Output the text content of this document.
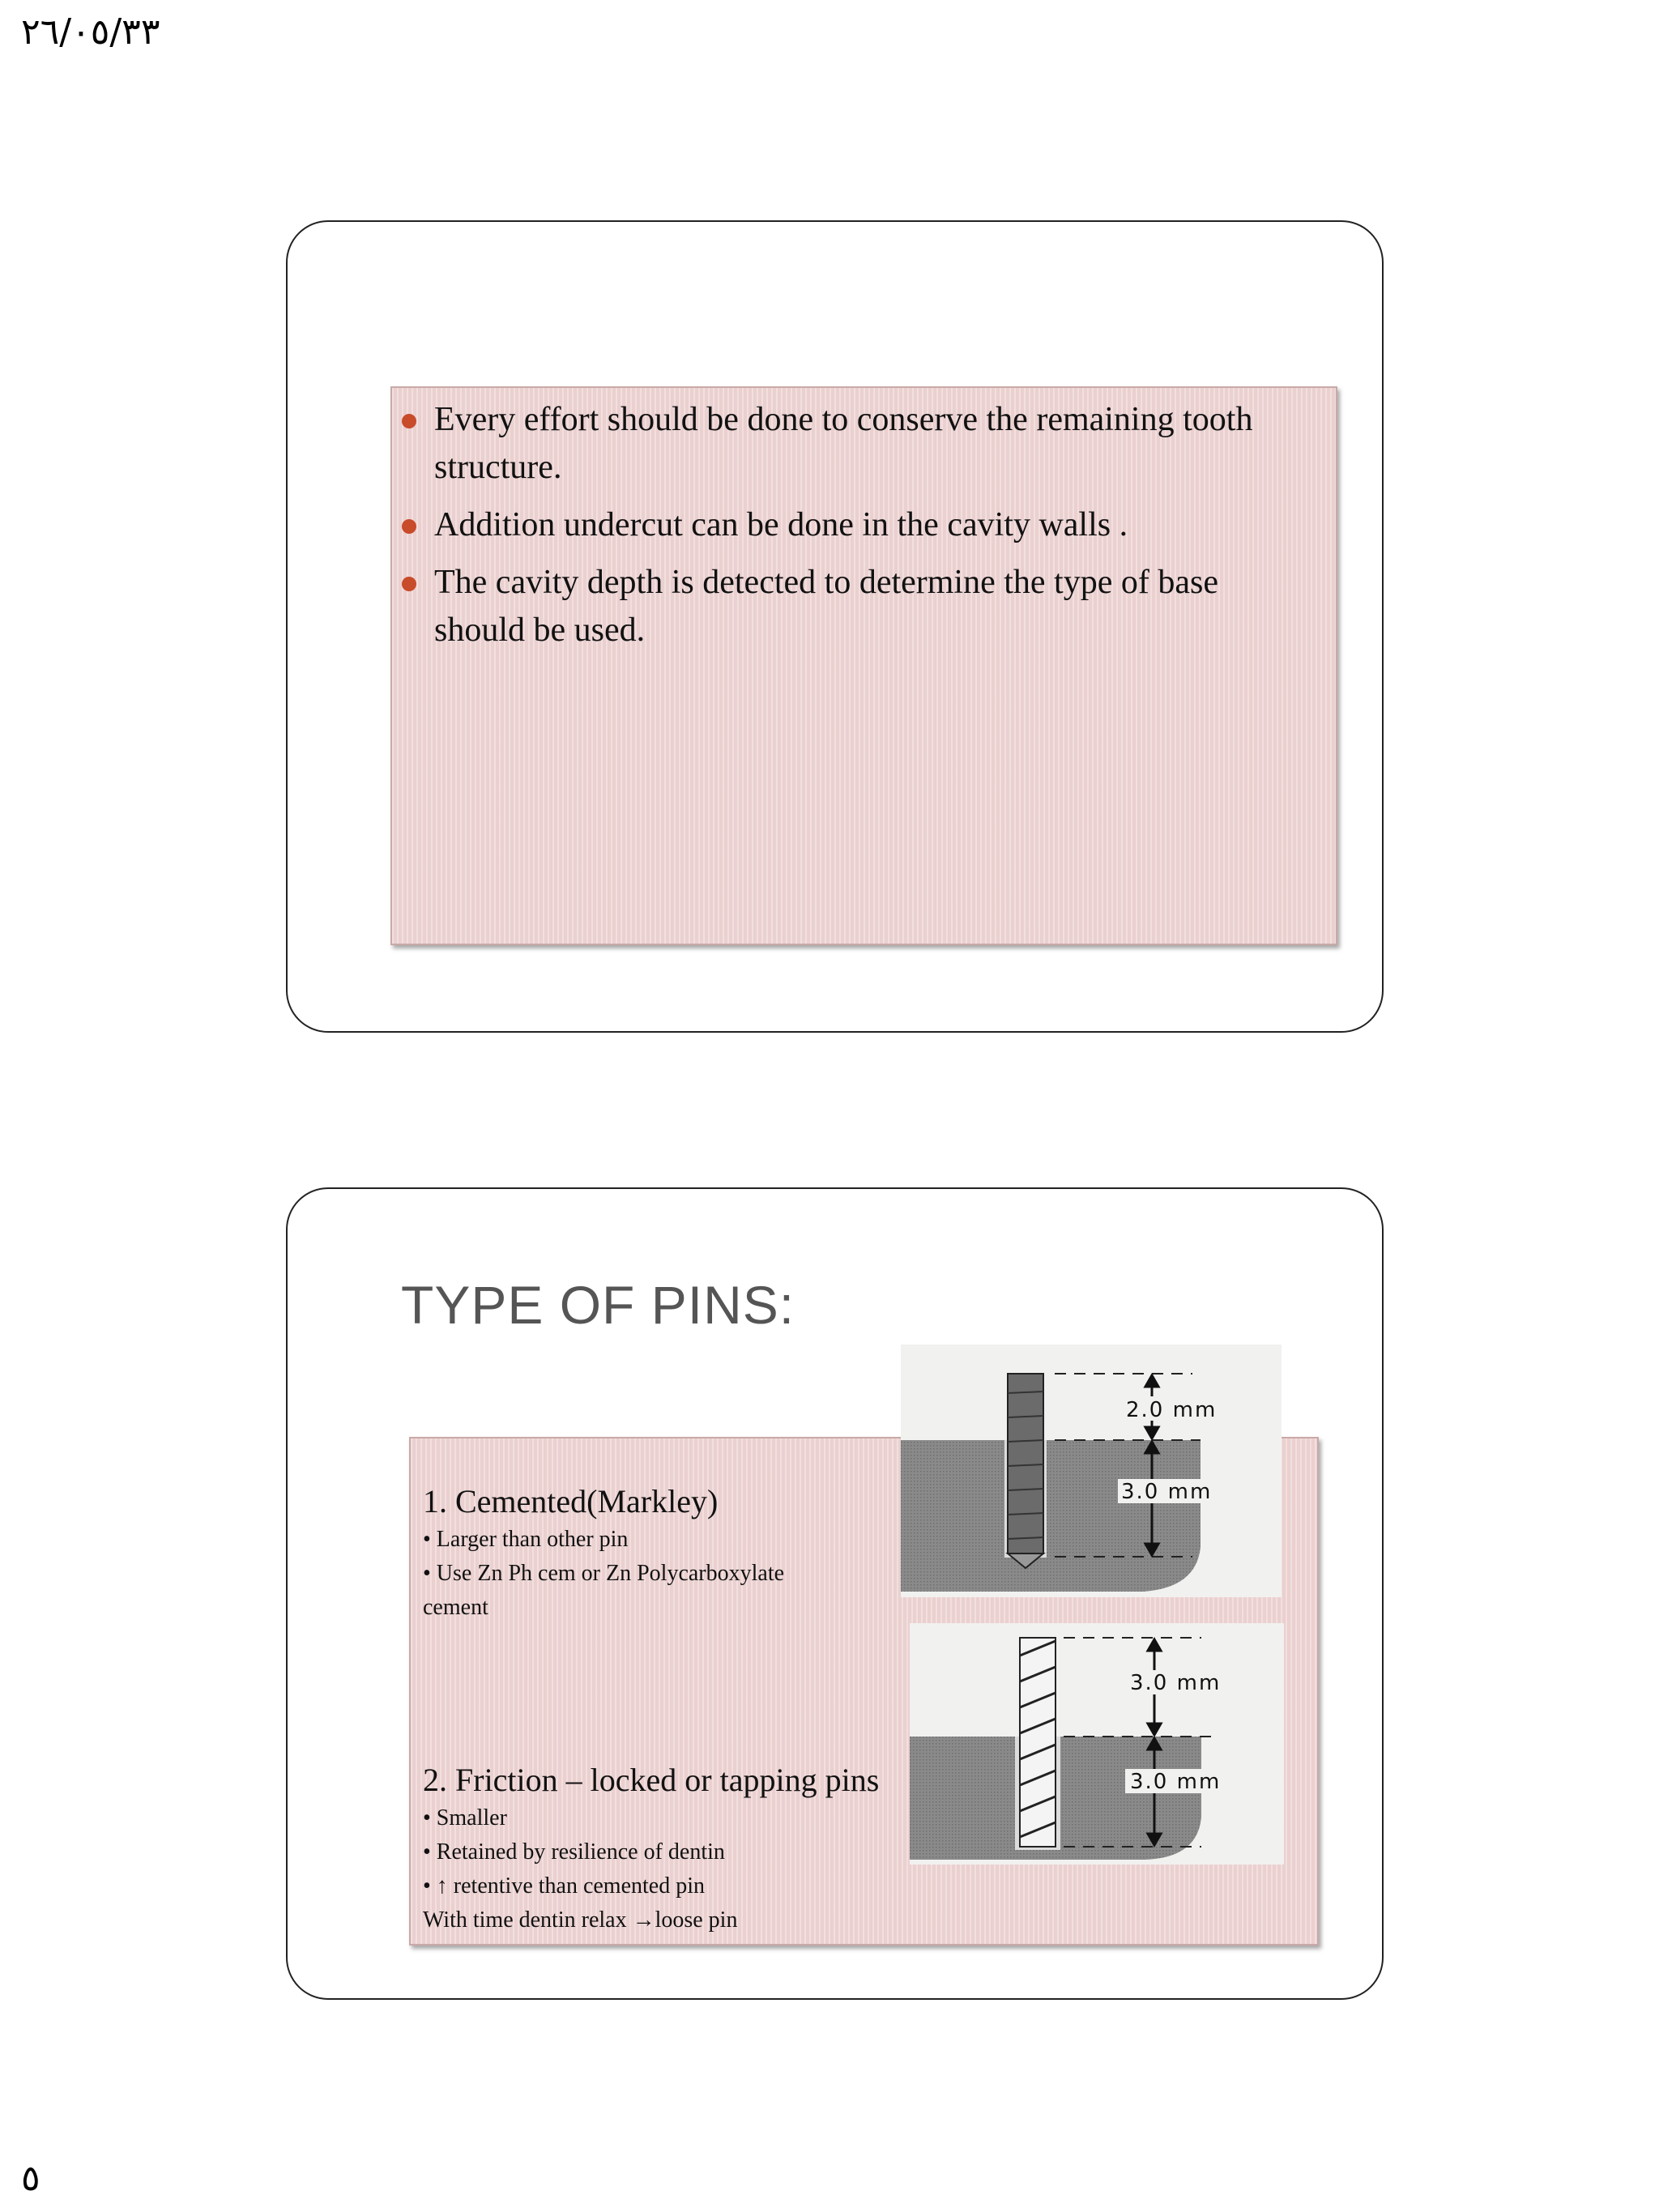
٢٦/٠٥/٣٣
Every effort should be done to conserve the remaining tooth structure.
Addition undercut can be done in the cavity walls .
The cavity depth is detected to determine the type of base should be used.
TYPE OF PINS:
1. Cemented(Markley)
• Larger than other pin
• Use Zn Ph cem or Zn Polycarboxylate
cement
2. Friction – locked or tapping pins
• Smaller
• Retained by resilience of dentin
• ↑ retentive than cemented pin
With time dentin relax →loose pin
2.0 mm
3.0 mm
3.0 mm
3.0 mm
٥
